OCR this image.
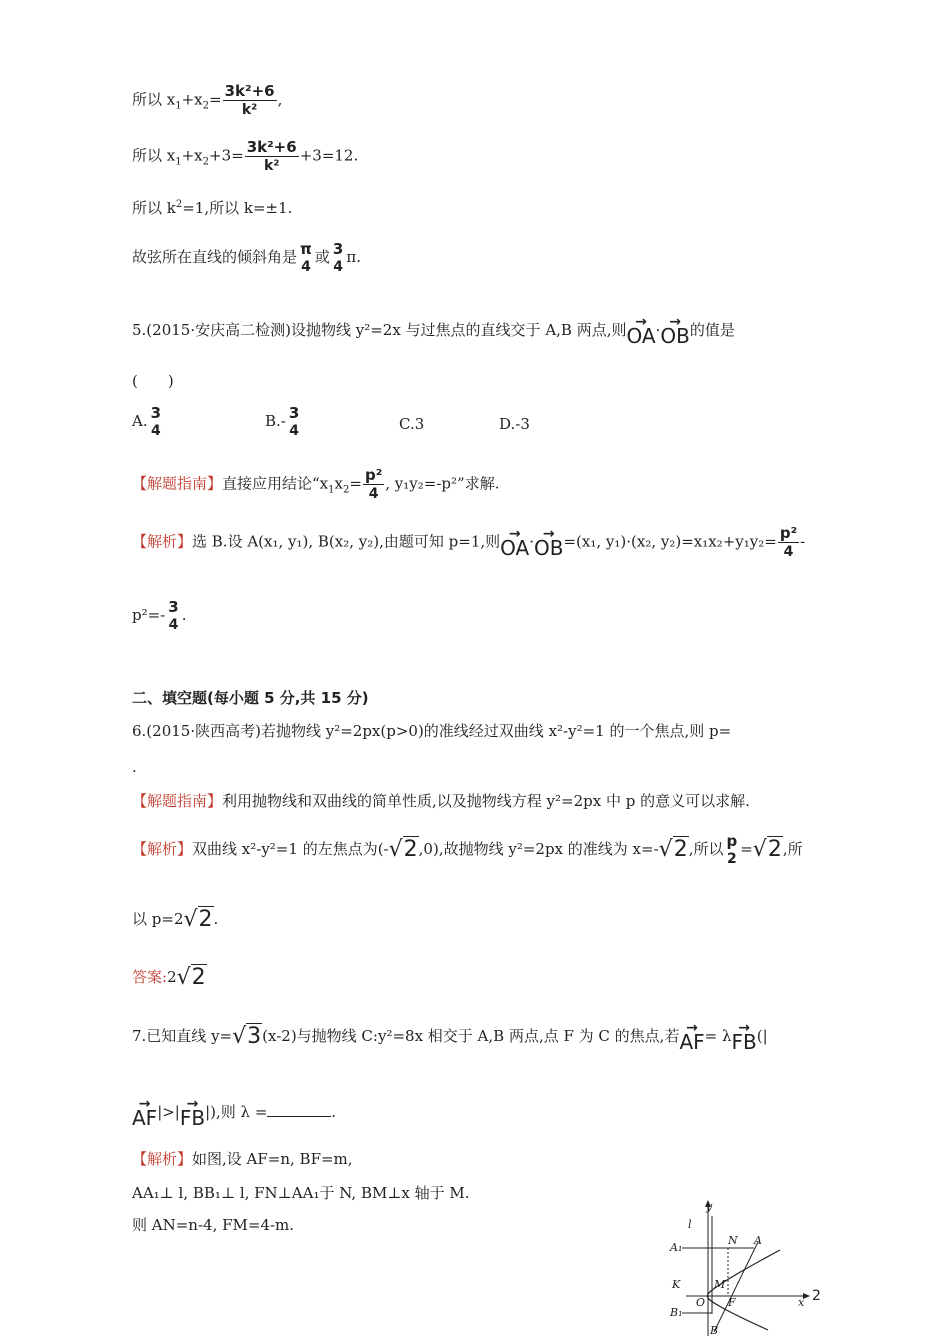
所以 $x_1+x_2= \frac{\text{3k²+6}}{\text{k²}}$ ,
所以 $x_1+x_2+3= \frac{\text{3k²+6}}{\text{k²}} +3=12$.
所以 $k^2=1$,所以 k=±1.
故弦所在直线的倾斜角是 π
4
或 3
4
π.
5.(2015·安庆高二检测)设抛物线 y²=2x 与过焦点的直线交于 A,B 两点,则→ OA·→ OB的值是
(　　)
A. 3
4
B.- 3
4	C.3	D.-3
【解题指南】直接应用结论“$x_1x_2= \frac{\text{p²}}{4}$ , y₁y₂=-p²”求解.
【解析】选 B.设 A(x₁, y₁), B(x₂, y₂),由题可知 p=1,则→ OA·→ OB=(x₁, y₁)·(x₂, $y_2)=x_1x_2+y_1y_2= \frac{\text{p²}}{4}$ -
p²=- 3
4
.
二、填空题(每小题 5 分,共 15 分)
6.(2015·陕西高考)若抛物线 y²=2px(p>0)的准线经过双曲线 x²-y²=1 的一个焦点,则 p=
.
【解题指南】利用抛物线和双曲线的简单性质,以及抛物线方程 y²=2px 中 p 的意义可以求解.
【解析】双曲线 x²-y²=1 的左焦点为(-√2,0),故抛物线 y²=2px 的准线为 x=-√2,所以 p
2
=√2,所
以 p=2√2.
答案:2√2
7.已知直线 y=√3(x-2)与抛物线 C:y²=8x 相交于 A,B 两点,点 F 为 C 的焦点,若→ AF= λ→ FB(|
→ AF|>|→ FB|),则 λ =	.
【解析】如图,设 AF=n, BF=m,
AA₁⊥ l, BB₁⊥ l, FN⊥AA₁于 N, BM⊥x 轴于 M.
则 AN=n-4, FM=4-m.
y
l
N A
A₁
K	M
O F	x
B₁
B
2
